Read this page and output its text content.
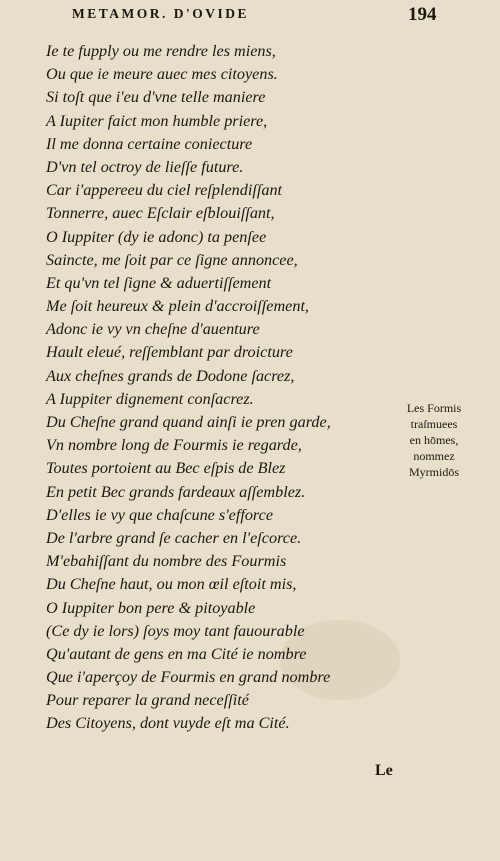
METAMOR. D'OVIDE	194
Ie te fupply ou me rendre les miens,
Ou que ie meure auec mes citoyens.
Si toſt que i'eu d'vne telle maniere
A Iupiter faict mon humble priere,
Il me donna certaine coniecture
D'vn tel octroy de lieſſe future.
Car i'appereeu du ciel reſplendiſſant
Tonnerre, auec Eſclair eſblouiſſant,
O Iuppiter (dy ie adonc) ta penſee
Saincte, me ſoit par ce ſigne annoncee,
Et qu'vn tel ſigne & aduertiſſement
Me ſoit heureux & plein d'accroiſſement,
Adonc ie vy vn cheſne d'auenture
Hault eleué, reſſemblant par droicture
Aux cheſnes grands de Dodone ſacrez,
A Iuppiter dignement conſacrez.
Du Cheſne grand quand ainſi ie pren garde,
Vn nombre long de Fourmis ie regarde,
Toutes portoient au Bec eſpis de Blez
En petit Bec grands fardeaux aſſemblez.
D'elles ie vy que chaſcune s'efforce
De l'arbre grand ſe cacher en l'eſcorce.
M'ebahiſſant du nombre des Fourmis
Du Cheſne haut, ou mon œil eſtoit mis,
O Iuppiter bon pere & pitoyable
(Ce dy ie lors) ſoys moy tant fauourable
Qu'autant de gens en ma Cité ie nombre
Que i'aperçoy de Fourmis en grand nombre
Pour reparer la grand neceſſité
Des Citoyens, dont vuyde eſt ma Cité.
Les Formis
traſmuees
en hōmes,
nommez
Myrmidōs
Le
